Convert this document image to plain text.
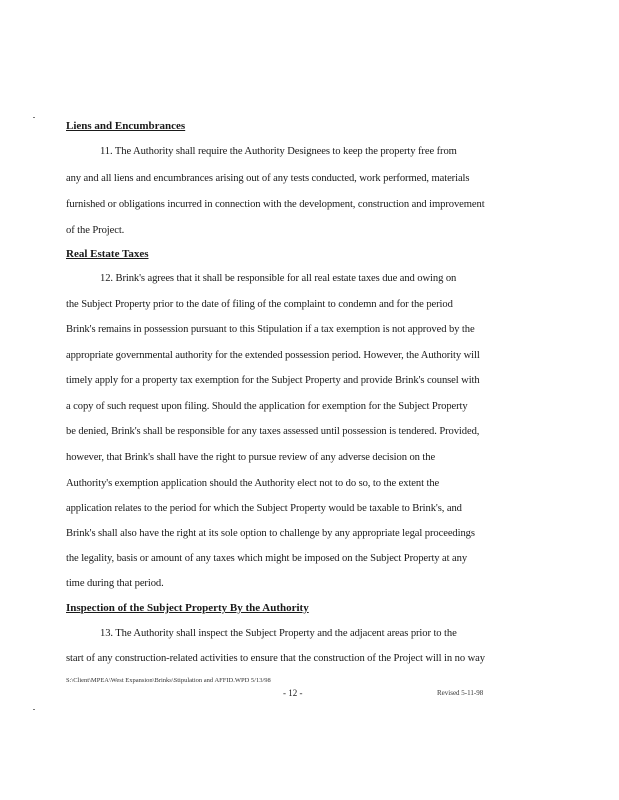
Liens and Encumbrances
11. The Authority shall require the Authority Designees to keep the property free from
any and all liens and encumbrances arising out of any tests conducted, work performed, materials
furnished or obligations incurred in connection with the development, construction and improvement
of the Project.
Real Estate Taxes
12. Brink's agrees that it shall be responsible for all real estate taxes due and owing on
the Subject Property prior to the date of filing of the complaint to condemn and for the period
Brink's remains in possession pursuant to this Stipulation if a tax exemption is not approved by the
appropriate governmental authority for the extended possession period. However, the Authority will
timely apply for a property tax exemption for the Subject Property and provide Brink's counsel with
a copy of such request upon filing. Should the application for exemption for the Subject Property
be denied, Brink's shall be responsible for any taxes assessed until possession is tendered. Provided,
however, that Brink's shall have the right to pursue review of any adverse decision on the
Authority's exemption application should the Authority elect not to do so, to the extent the
application relates to the period for which the Subject Property would be taxable to Brink's, and
Brink's shall also have the right at its sole option to challenge by any appropriate legal proceedings
the legality, basis or amount of any taxes which might be imposed on the Subject Property at any
time during that period.
Inspection of the Subject Property By the Authority
13. The Authority shall inspect the Subject Property and the adjacent areas prior to the
start of any construction-related activities to ensure that the construction of the Project will in no way
S:\Client\MPEA\West Expansion\Brinks\Stipulation and AFFID.WPD 5/13/98
- 12 -	Revised 5-11-98
